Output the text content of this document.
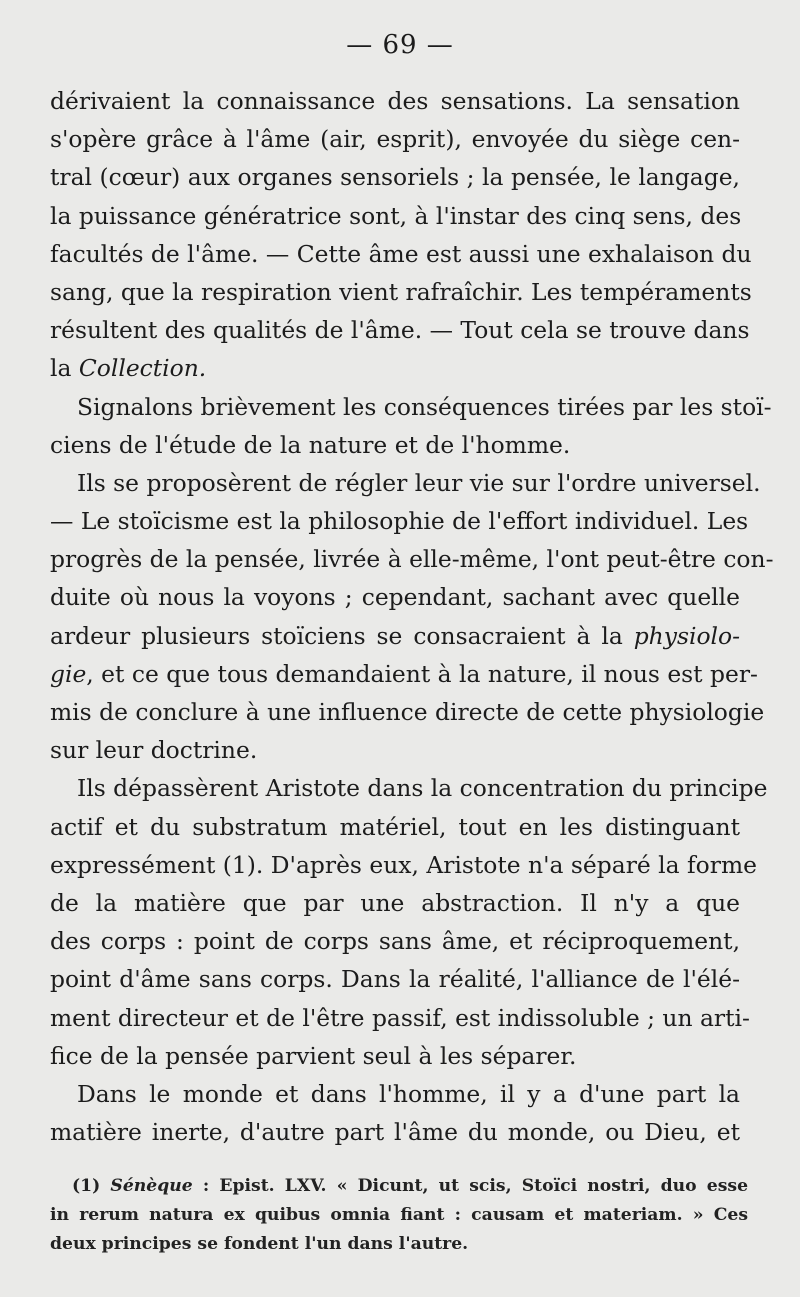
— 69 —
dérivaient la connaissance des sensations. La sensation
s'opère grâce à l'âme (air, esprit), envoyée du siège cen-
tral (cœur) aux organes sensoriels ; la pensée, le langage,
la puissance génératrice sont, à l'instar des cinq sens, des
facultés de l'âme. — Cette âme est aussi une exhalaison du
sang, que la respiration vient rafraîchir. Les tempéraments
résultent des qualités de l'âme. — Tout cela se trouve dans
la Collection.
Signalons brièvement les conséquences tirées par les stoï-
ciens de l'étude de la nature et de l'homme.
Ils se proposèrent de régler leur vie sur l'ordre universel.
— Le stoïcisme est la philosophie de l'effort individuel. Les
progrès de la pensée, livrée à elle-même, l'ont peut-être con-
duite où nous la voyons ; cependant, sachant avec quelle
ardeur plusieurs stoïciens se consacraient à la physiolo-
gie, et ce que tous demandaient à la nature, il nous est per-
mis de conclure à une influence directe de cette physiologie
sur leur doctrine.
Ils dépassèrent Aristote dans la concentration du principe
actif et du substratum matériel, tout en les distinguant
expressément (1). D'après eux, Aristote n'a séparé la forme
de la matière que par une abstraction. Il n'y a que
des corps : point de corps sans âme, et réciproquement,
point d'âme sans corps. Dans la réalité, l'alliance de l'élé-
ment directeur et de l'être passif, est indissoluble ; un arti-
fice de la pensée parvient seul à les séparer.
Dans le monde et dans l'homme, il y a d'une part la
matière inerte, d'autre part l'âme du monde, ou Dieu, et
(1) Sénèque : Epist. LXV. « Dicunt, ut scis, Stoïci nostri, duo esse
in rerum natura ex quibus omnia fiant : causam et materiam. » Ces
deux principes se fondent l'un dans l'autre.
